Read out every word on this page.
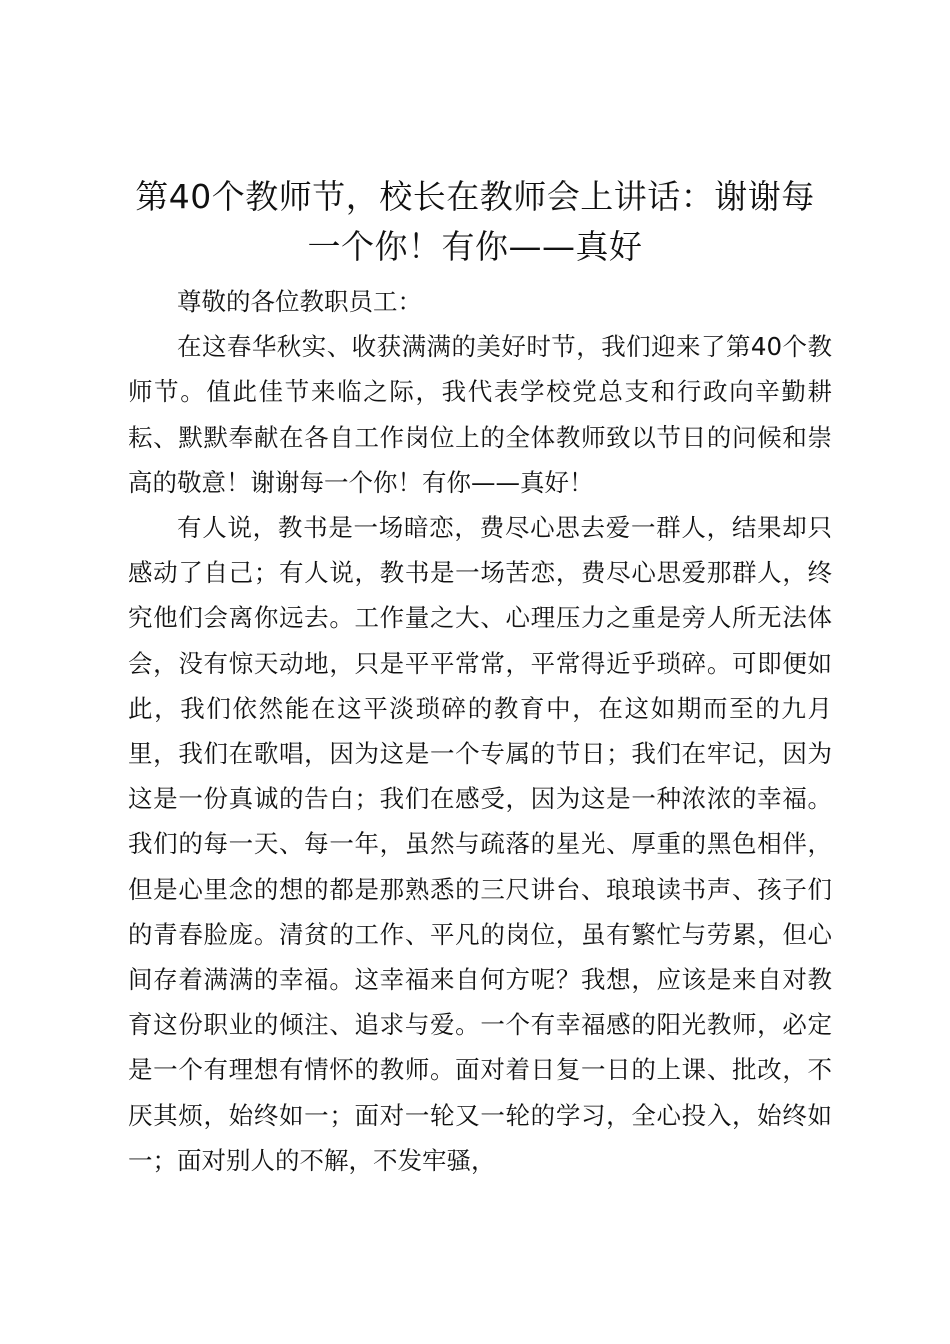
第40个教师节，校长在教师会上讲话：谢谢每一个你！有你——真好

尊敬的各位教职员工：

在这春华秋实、收获满满的美好时节，我们迎来了第40个教师节。值此佳节来临之际，我代表学校党总支和行政向辛勤耕耘、默默奉献在各自工作岗位上的全体教师致以节日的问候和崇高的敬意！谢谢每一个你！有你——真好！

有人说，教书是一场暗恋，费尽心思去爱一群人，结果却只感动了自己；有人说，教书是一场苦恋，费尽心思爱那群人，终究他们会离你远去。工作量之大、心理压力之重是旁人所无法体会，没有惊天动地，只是平平常常，平常得近乎琐碎。可即便如此，我们依然能在这平淡琐碎的教育中，在这如期而至的九月里，我们在歌唱，因为这是一个专属的节日；我们在牢记，因为这是一份真诚的告白；我们在感受，因为这是一种浓浓的幸福。我们的每一天、每一年，虽然与疏落的星光、厚重的黑色相伴，但是心里念的想的都是那熟悉的三尺讲台、琅琅读书声、孩子们的青春脸庞。清贫的工作、平凡的岗位，虽有繁忙与劳累，但心间存着满满的幸福。这幸福来自何方呢？我想，应该是来自对教育这份职业的倾注、追求与爱。一个有幸福感的阳光教师，必定是一个有理想有情怀的教师。面对着日复一日的上课、批改，不厌其烦，始终如一；面对一轮又一轮的学习，全心投入，始终如一；面对别人的不解，不发牢骚，
